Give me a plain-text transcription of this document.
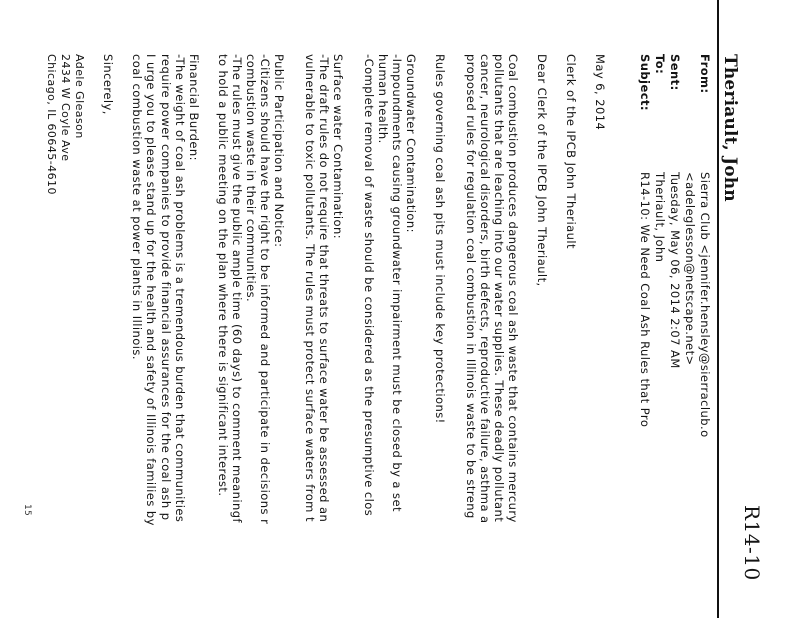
R14-10
Theriault, John
From:
Sierra Club <jennifer.hensley@sierraclub.o
<adeleglesson@netscape.net>
Sent:
Tuesday, May 06, 2014 2:07 AM
To:
Theriault, John
Subject:
R14-10: We Need Coal Ash Rules that Pro
May 6, 2014
Clerk of the IPCB John Theriault
Dear Clerk of the IPCB John Theriault,
Coal combustion produces dangerous coal ash waste that contains mercury
pollutants that are leaching into our water supplies. These deadly pollutant
cancer, neurological disorders, birth defects, reproductive failure, asthma a
proposed rules for regulation coal combustion in Illinois waste to be streng
Rules governing coal ash pits must include key protections!
Groundwater Contamination:
-Impoundments causing groundwater impairment must be closed by a set
human health.
-Complete removal of waste should be considered as the presumptive clos
Surface water Contamination:
-The draft rules do not require that threats to surface water be assessed an
vulnerable to toxic pollutants. The rules must protect surface waters from t
Public Participation and Notice:
-Citizens should have the right to be informed and participate in decisions r
combustion waste in their communities.
-The rules must give the public ample time (60 days) to comment meaningf
to hold a public meeting on the plan where there is significant interest.
Financial Burden:
-The weight of coal ash problems is a tremendous burden that communities
require power companies to provide financial assurances for the coal ash p
I urge you to please stand up for the health and safety of Illinois families by
coal combustion waste at power plants in Illinois.
Sincerely,
Adele Gleason
2434 W Coyle Ave
Chicago, IL 60645-4610
15
